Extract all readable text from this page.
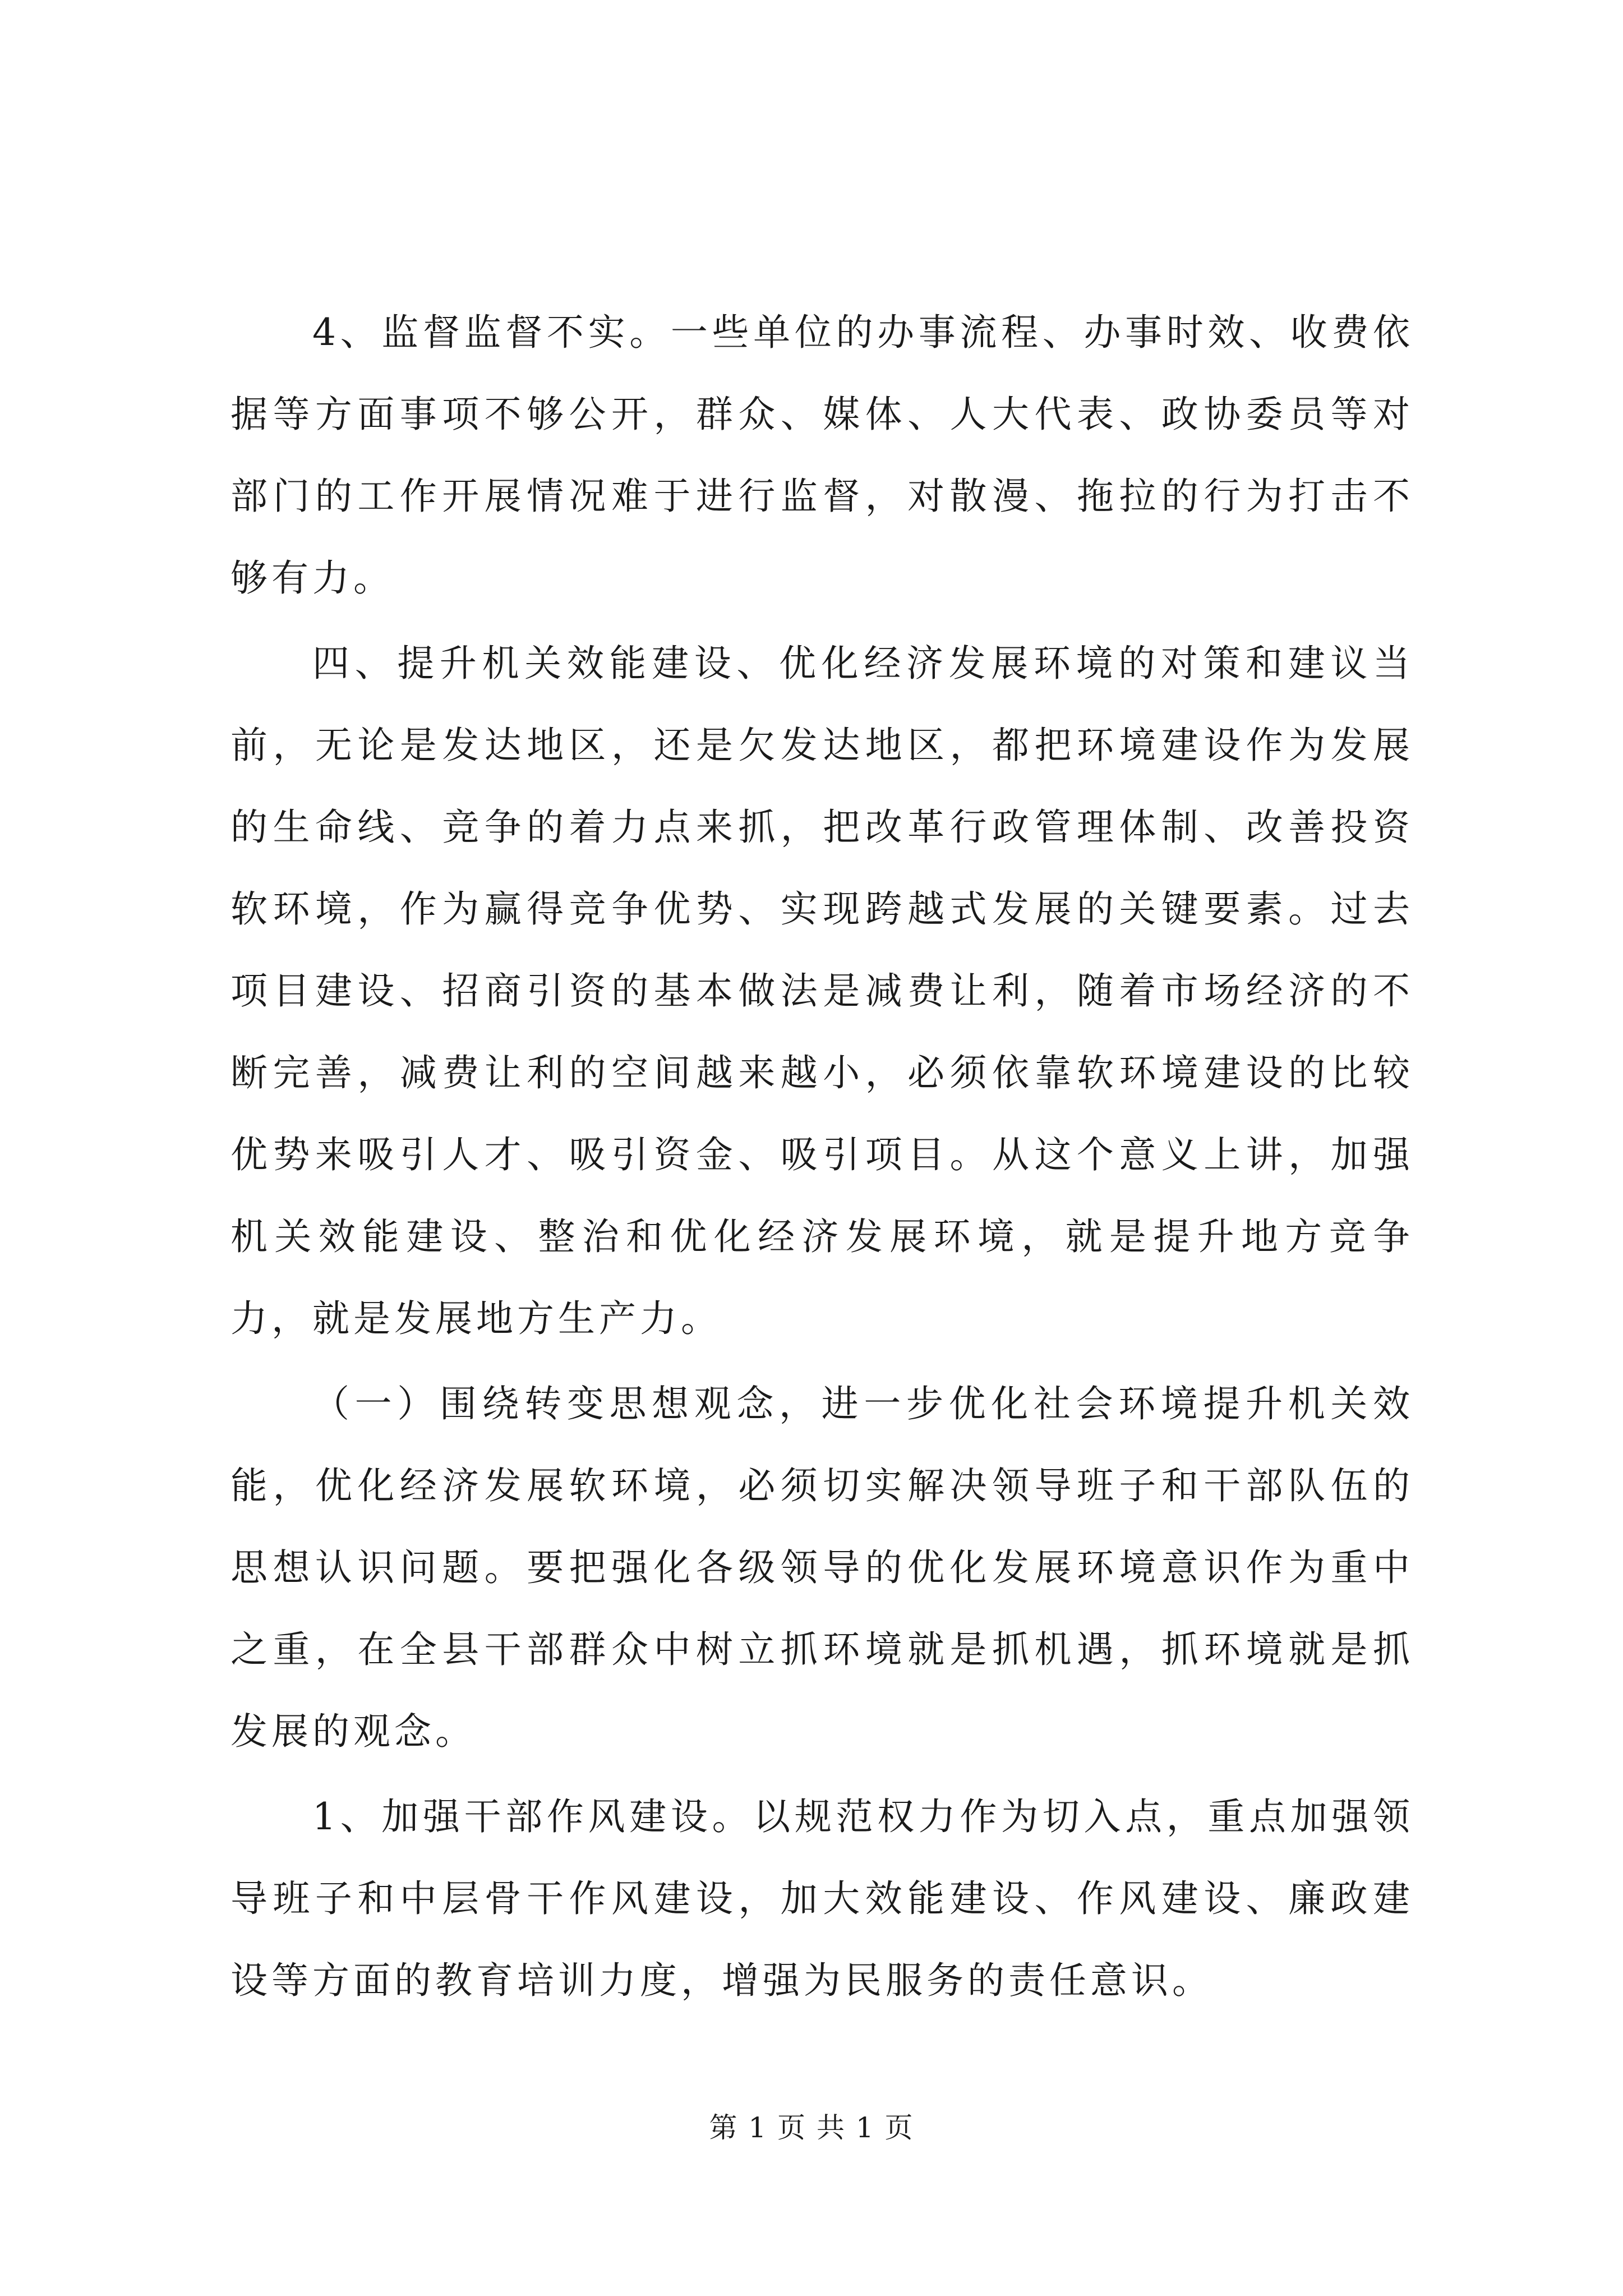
4、监督监督不实。一些单位的办事流程、办事时效、收费依据等方面事项不够公开，群众、媒体、人大代表、政协委员等对部门的工作开展情况难于进行监督，对散漫、拖拉的行为打击不够有力。

四、提升机关效能建设、优化经济发展环境的对策和建议当前，无论是发达地区，还是欠发达地区，都把环境建设作为发展的生命线、竞争的着力点来抓，把改革行政管理体制、改善投资软环境，作为赢得竞争优势、实现跨越式发展的关键要素。过去项目建设、招商引资的基本做法是减费让利，随着市场经济的不断完善，减费让利的空间越来越小，必须依靠软环境建设的比较优势来吸引人才、吸引资金、吸引项目。从这个意义上讲，加强机关效能建设、整治和优化经济发展环境，就是提升地方竞争力，就是发展地方生产力。

（一）围绕转变思想观念，进一步优化社会环境提升机关效能，优化经济发展软环境，必须切实解决领导班子和干部队伍的思想认识问题。要把强化各级领导的优化发展环境意识作为重中之重，在全县干部群众中树立抓环境就是抓机遇，抓环境就是抓发展的观念。

1、加强干部作风建设。以规范权力作为切入点，重点加强领导班子和中层骨干作风建设，加大效能建设、作风建设、廉政建设等方面的教育培训力度，增强为民服务的责任意识。

第 1 页 共 1 页
